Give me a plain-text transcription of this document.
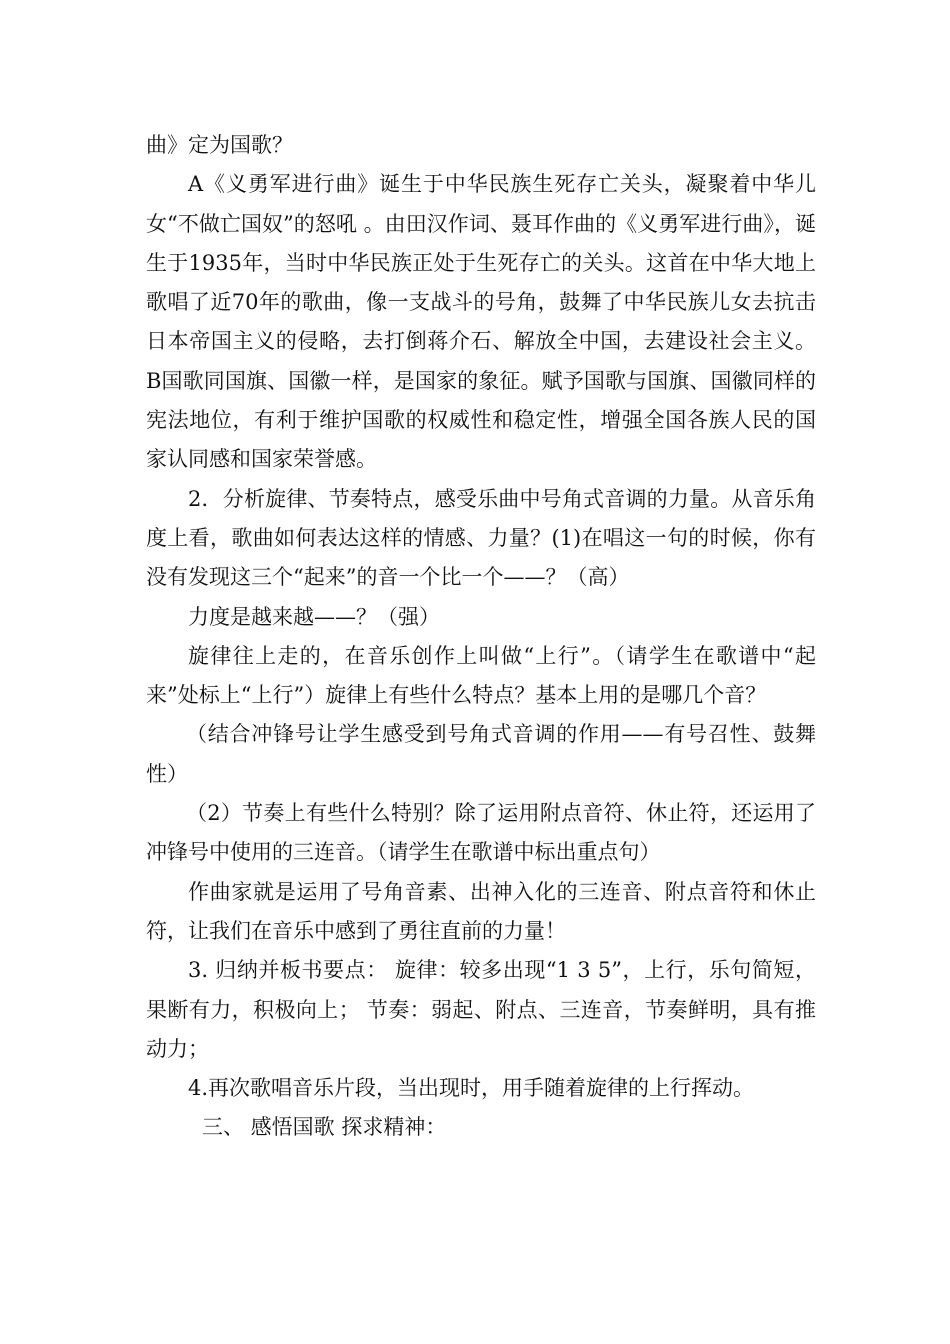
曲》定为国歌？

A《义勇军进行曲》诞生于中华民族生死存亡关头，凝聚着中华儿女“不做亡国奴”的怒吼 。由田汉作词、聂耳作曲的《义勇军进行曲》，诞生于1935年，当时中华民族正处于生死存亡的关头。这首在中华大地上歌唱了近70年的歌曲，像一支战斗的号角，鼓舞了中华民族儿女去抗击日本帝国主义的侵略，去打倒蒋介石、解放全中国，去建设社会主义。 B国歌同国旗、国徽一样，是国家的象征。赋予国歌与国旗、国徽同样的宪法地位，有利于维护国歌的权威性和稳定性，增强全国各族人民的国家认同感和国家荣誉感。

2．分析旋律、节奏特点，感受乐曲中号角式音调的力量。从音乐角度上看，歌曲如何表达这样的情感、力量？(1)在唱这一句的时候，你有没有发现这三个“起来”的音一个比一个——？（高）

力度是越来越——？（强）

旋律往上走的，在音乐创作上叫做“上行”。（请学生在歌谱中“起来”处标上“上行”）旋律上有些什么特点？基本上用的是哪几个音？

（结合冲锋号让学生感受到号角式音调的作用——有号召性、鼓舞性）

（2）节奏上有些什么特别？除了运用附点音符、休止符，还运用了冲锋号中使用的三连音。（请学生在歌谱中标出重点句）

作曲家就是运用了号角音素、出神入化的三连音、附点音符和休止符，让我们在音乐中感到了勇往直前的力量！

3. 归纳并板书要点： 旋律：较多出现“1 3 5”，上行，乐句简短，果断有力，积极向上； 节奏：弱起、附点、三连音，节奏鲜明，具有推动力；

4.再次歌唱音乐片段，当出现时，用手随着旋律的上行挥动。

三、 感悟国歌 探求精神：
